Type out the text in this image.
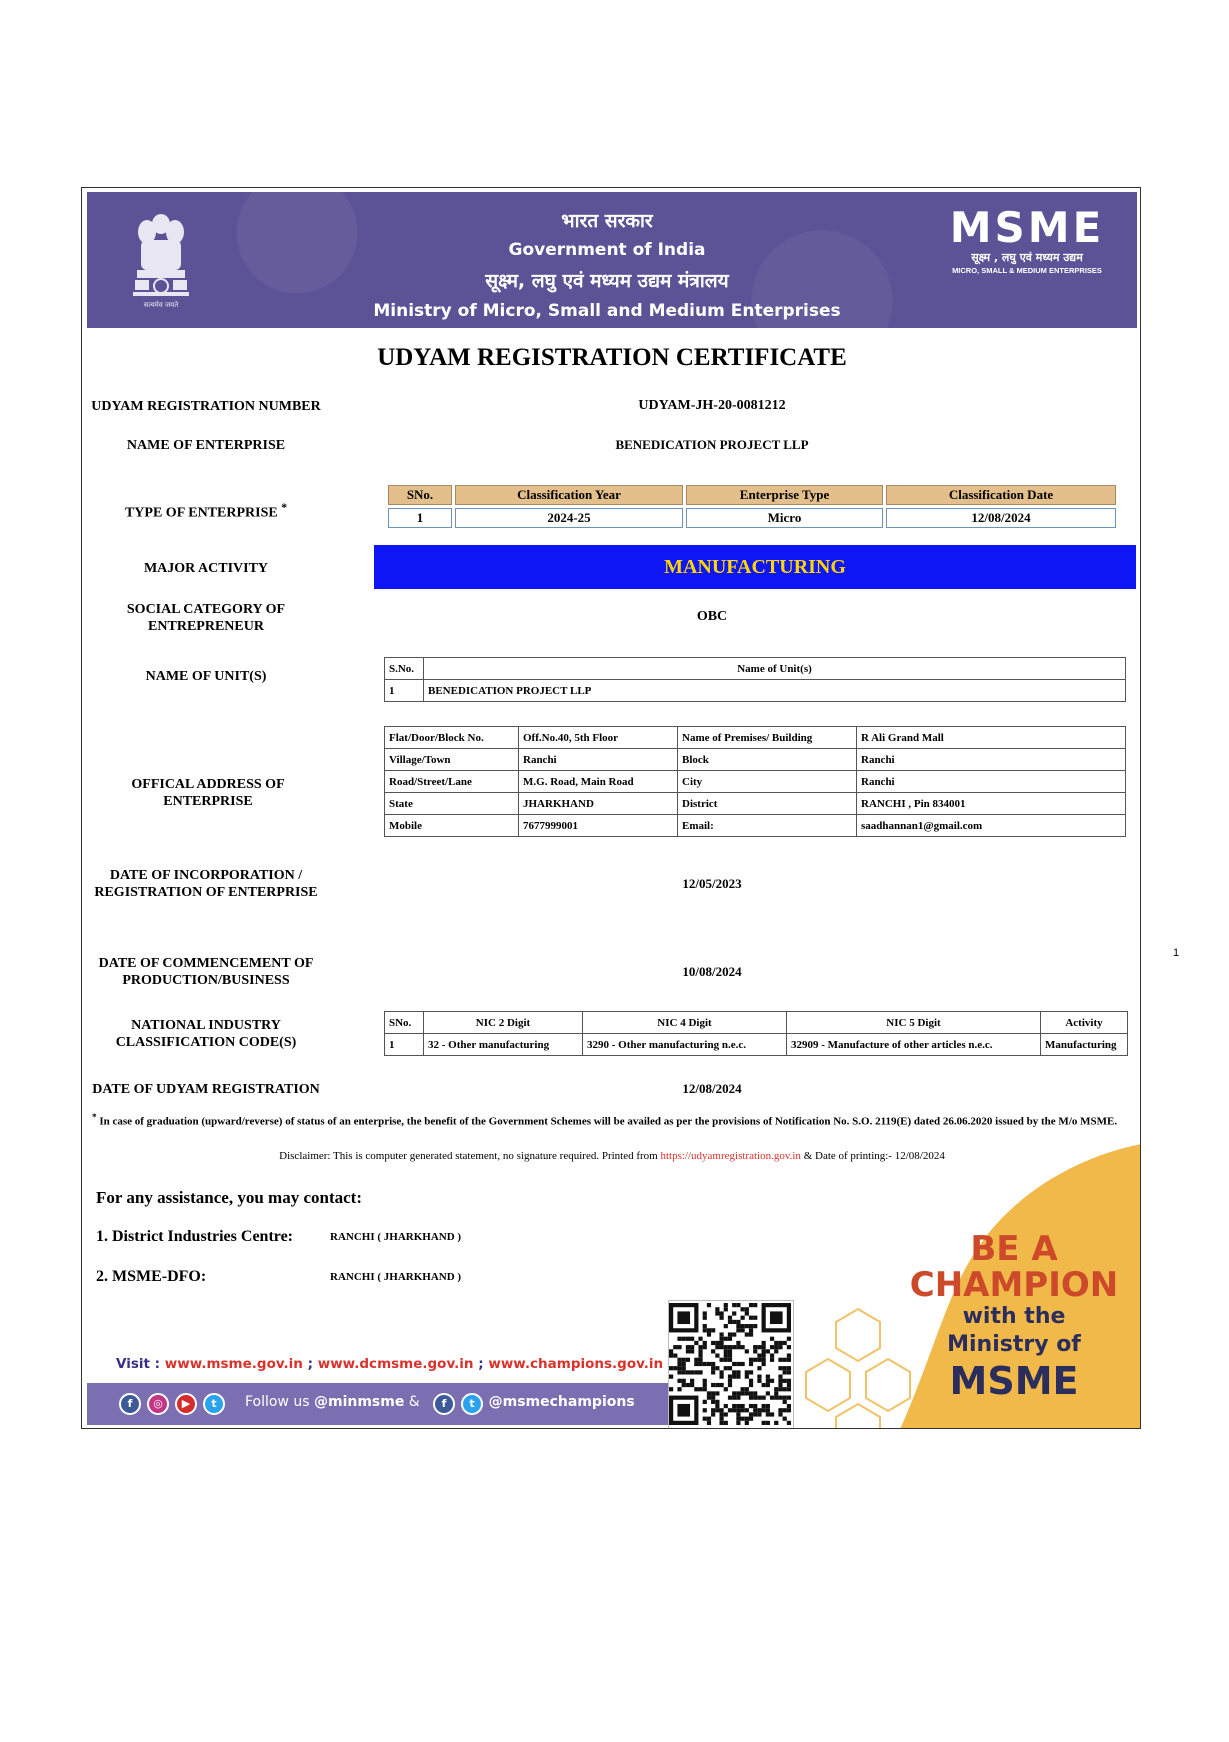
1
सत्यमेव जयते
भारत सरकार
Government of India
सूक्ष्म, लघु एवं मध्यम उद्यम मंत्रालय
Ministry of Micro, Small and Medium Enterprises
MSME
सूक्ष्म , लघु एवं मध्यम उद्यम
MICRO, SMALL & MEDIUM ENTERPRISES
UDYAM REGISTRATION CERTIFICATE
UDYAM REGISTRATION NUMBER	UDYAM-JH-20-0081212
NAME OF ENTERPRISE	BENEDICATION PROJECT LLP
TYPE OF ENTERPRISE *
SNo.	Classification Year	Enterprise Type	Classification Date
1	2024-25	Micro	12/08/2024
MAJOR ACTIVITY	MANUFACTURING
SOCIAL CATEGORY OF
ENTREPRENEUR
OBC
NAME OF UNIT(S)
S.No.	Name of Unit(s)
1	BENEDICATION PROJECT LLP
OFFICAL ADDRESS OF ENTERPRISE
Flat/Door/Block No.	Off.No.40, 5th Floor	Name of Premises/ Building	R Ali Grand Mall
Village/Town	Ranchi	Block	Ranchi
Road/Street/Lane	M.G. Road, Main Road	City	Ranchi
State	JHARKHAND	District	RANCHI , Pin 834001
Mobile	7677999001	Email:	saadhannan1@gmail.com
DATE OF INCORPORATION /
REGISTRATION OF ENTERPRISE
12/05/2023
DATE OF COMMENCEMENT OF
PRODUCTION/BUSINESS
10/08/2024
NATIONAL INDUSTRY
CLASSIFICATION CODE(S)
SNo.	NIC 2 Digit	NIC 4 Digit	NIC 5 Digit	Activity
1	32 - Other manufacturing	3290 - Other manufacturing n.e.c.	32909 - Manufacture of other articles n.e.c.	Manufacturing
DATE OF UDYAM REGISTRATION	12/08/2024
* In case of graduation (upward/reverse) of status of an enterprise, the benefit of the Government Schemes will be availed as per the provisions of Notification No. S.O. 2119(E) dated 26.06.2020 issued by the M/o MSME.
Disclaimer: This is computer generated statement, no signature required. Printed from https://udyamregistration.gov.in & Date of printing:- 12/08/2024
BE A
CHAMPION
with the
Ministry of
MSME
For any assistance, you may contact:
1. District Industries Centre:	RANCHI ( JHARKHAND )
2. MSME-DFO:	RANCHI ( JHARKHAND )
Visit : www.msme.gov.in ; www.dcmsme.gov.in ; www.champions.gov.in
f	◎	▶	t	Follow us @minmsme &	@msmechampions
f	t
